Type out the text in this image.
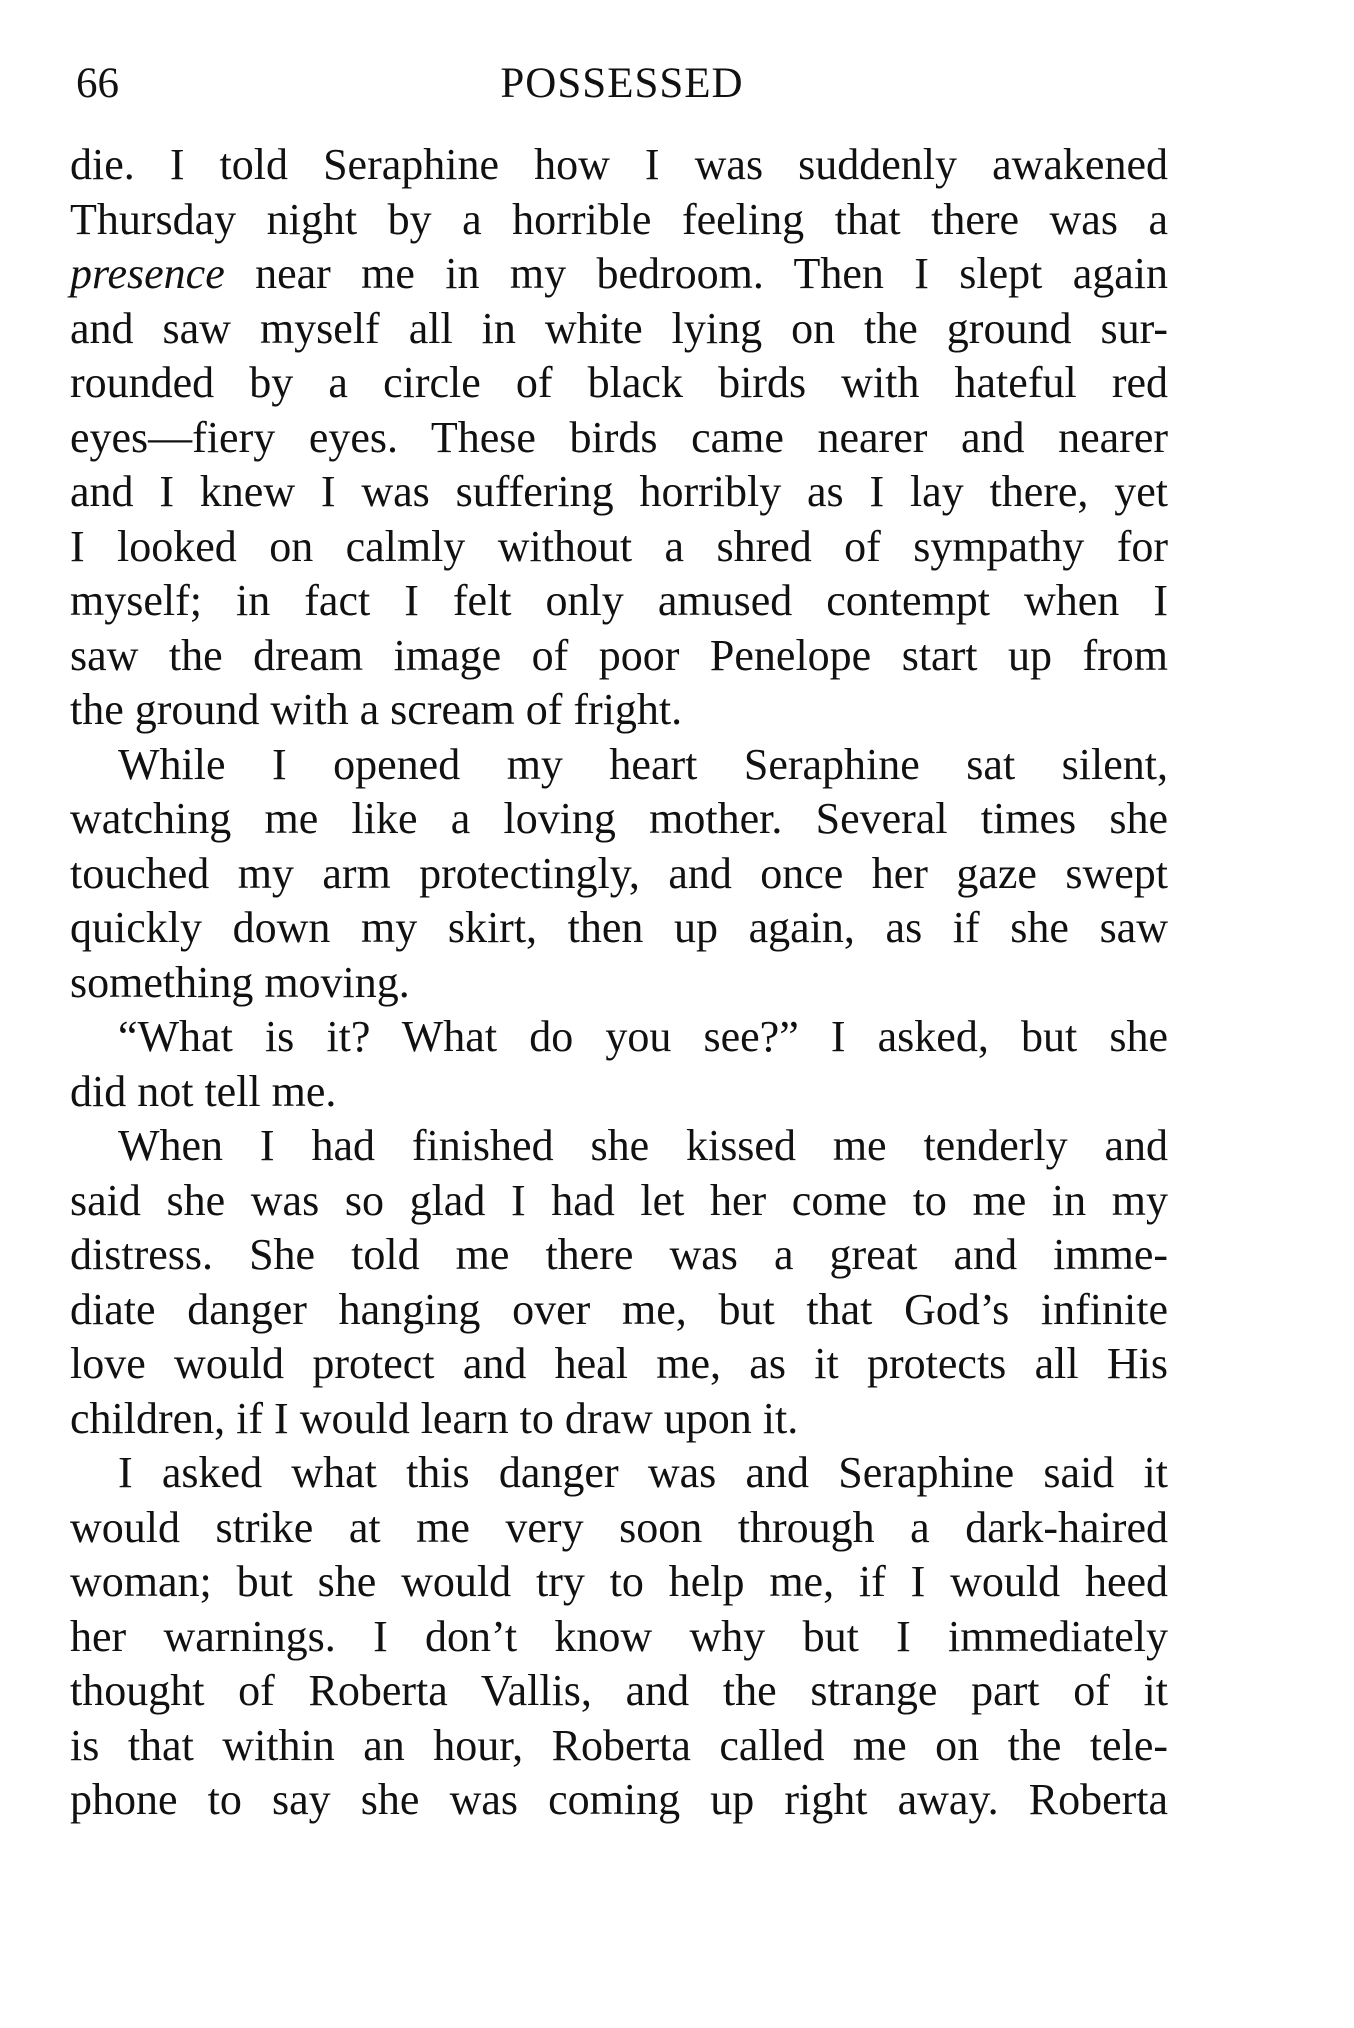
66	POSSESSED
die. I told Seraphine how I was suddenly awakened
Thursday night by a horrible feeling that there was a
presence near me in my bedroom. Then I slept again
and saw myself all in white lying on the ground sur-
rounded by a circle of black birds with hateful red
eyes—fiery eyes. These birds came nearer and nearer
and I knew I was suffering horribly as I lay there, yet
I looked on calmly without a shred of sympathy for
myself; in fact I felt only amused contempt when I
saw the dream image of poor Penelope start up from
the ground with a scream of fright.
While I opened my heart Seraphine sat silent,
watching me like a loving mother. Several times she
touched my arm protectingly, and once her gaze swept
quickly down my skirt, then up again, as if she saw
something moving.
“What is it? What do you see?” I asked, but she
did not tell me.
When I had finished she kissed me tenderly and
said she was so glad I had let her come to me in my
distress. She told me there was a great and imme-
diate danger hanging over me, but that God’s infinite
love would protect and heal me, as it protects all His
children, if I would learn to draw upon it.
I asked what this danger was and Seraphine said it
would strike at me very soon through a dark-haired
woman; but she would try to help me, if I would heed
her warnings. I don’t know why but I immediately
thought of Roberta Vallis, and the strange part of it
is that within an hour, Roberta called me on the tele-
phone to say she was coming up right away. Roberta
